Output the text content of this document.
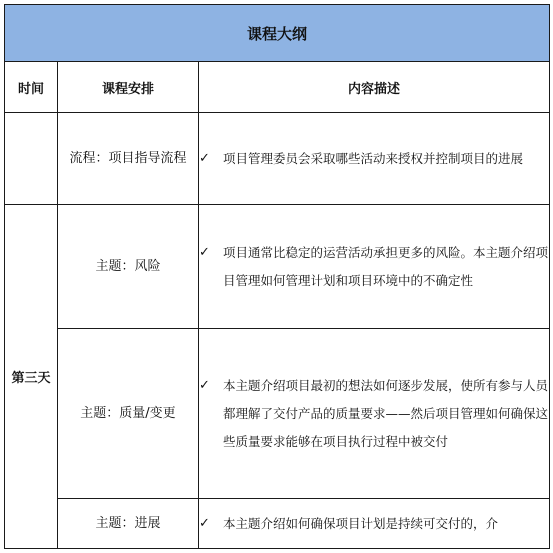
课程大纲		
时间	课程安排	内容描述
	流程：项目指导流程	✓ 项目管理委员会采取哪些活动来授权并控制项目的进展

第三天	主题：风险	✓ 项目通常比稳定的运营活动承担更多的风险。本主题介绍项目管理如何管理计划和项目环境中的不确定性

	主题：质量/变更	✓ 本主题介绍项目最初的想法如何逐步发展，使所有参与人员都理解了交付产品的质量要求——然后项目管理如何确保这些质量要求能够在项目执行过程中被交付

	主题：进展	✓ 本主题介绍如何确保项目计划是持续可交付的，介
